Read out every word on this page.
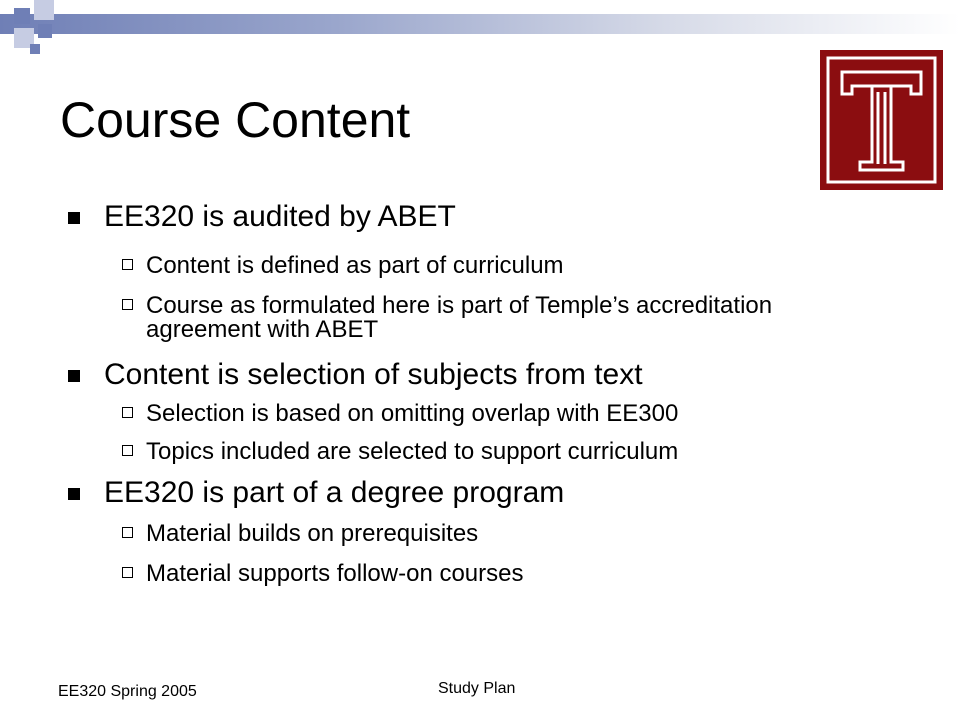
Course Content
EE320 is audited by ABET
Content is defined as part of curriculum
Course as formulated here is part of Temple’s accreditation agreement with ABET
Content is selection of subjects from text
Selection is based on omitting overlap with EE300
Topics included are selected to support curriculum
EE320 is part of a degree program
Material builds on prerequisites
Material supports follow-on courses
EE320 Spring 2005	Study Plan
